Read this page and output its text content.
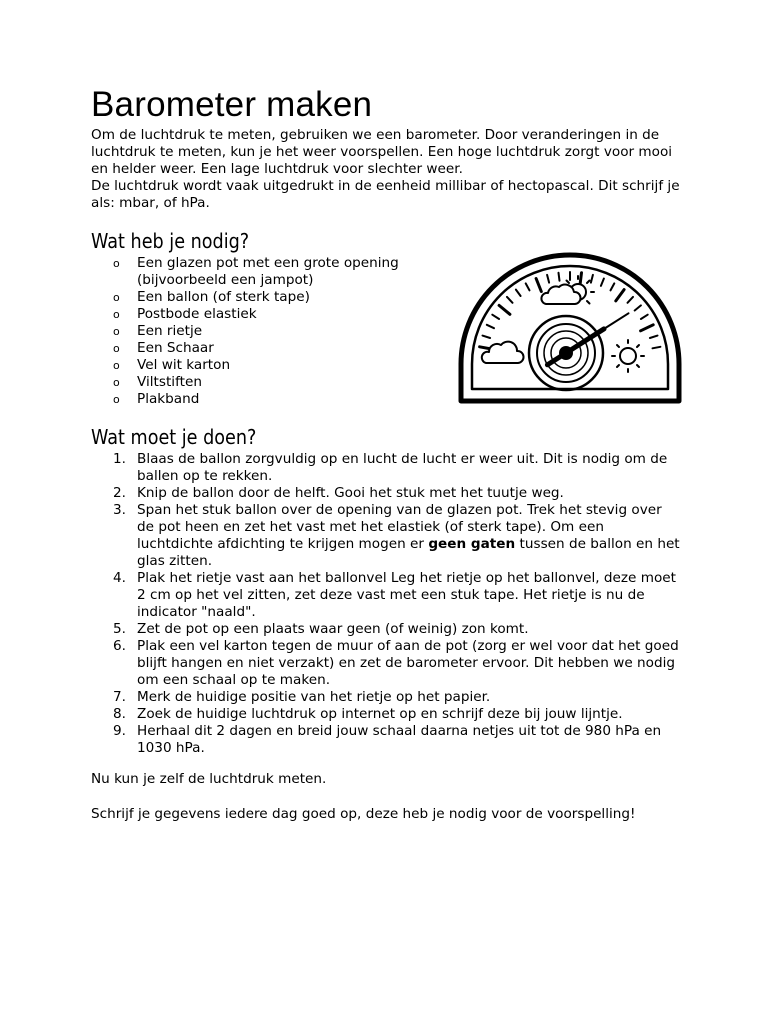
Barometer maken

Om de luchtdruk te meten, gebruiken we een barometer. Door veranderingen in de luchtdruk te meten, kun je het weer voorspellen. Een hoge luchtdruk zorgt voor mooi en helder weer. Een lage luchtdruk voor slechter weer.

De luchtdruk wordt vaak uitgedrukt in de eenheid millibar of hectopascal. Dit schrijf je als: mbar, of hPa.

Wat heb je nodig?
o Een glazen pot met een grote opening (bijvoorbeeld een jampot)
o Een ballon (of sterk tape)
o Postbode elastiek
o Een rietje
o Een Schaar
o Vel wit karton
o Viltstiften
o Plakband
Wat moet je doen?
1. Blaas de ballon zorgvuldig op en lucht de lucht er weer uit. Dit is nodig om de ballen op te rekken.
2. Knip de ballon door de helft. Gooi het stuk met het tuutje weg.
3. Span het stuk ballon over de opening van de glazen pot. Trek het stevig over de pot heen en zet het vast met het elastiek (of sterk tape). Om een luchtdichte afdichting te krijgen mogen er geen gaten tussen de ballon en het glas zitten.
4. Plak het rietje vast aan het ballonvel Leg het rietje op het ballonvel, deze moet 2 cm op het vel zitten, zet deze vast met een stuk tape. Het rietje is nu de indicator "naald".
5. Zet de pot op een plaats waar geen (of weinig) zon komt.
6. Plak een vel karton tegen de muur of aan de pot (zorg er wel voor dat het goed blijft hangen en niet verzakt) en zet de barometer ervoor. Dit hebben we nodig om een schaal op te maken.
7. Merk de huidige positie van het rietje op het papier.
8. Zoek de huidige luchtdruk op internet op en schrijf deze bij jouw lijntje.
9. Herhaal dit 2 dagen en breid jouw schaal daarna netjes uit tot de 980 hPa en 1030 hPa.

Nu kun je zelf de luchtdruk meten.

Schrijf je gegevens iedere dag goed op, deze heb je nodig voor de voorspelling!
